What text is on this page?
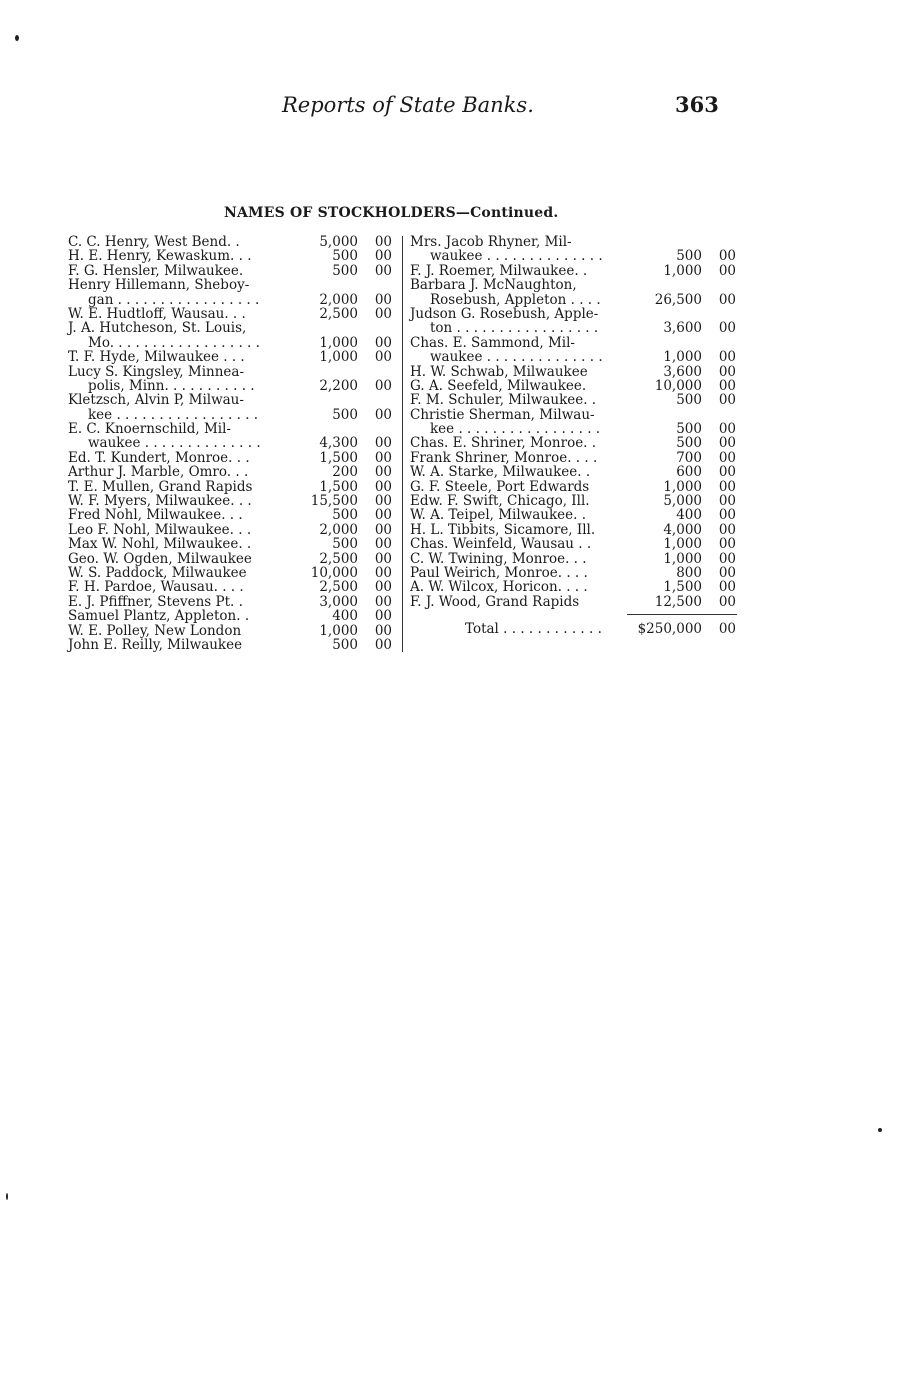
Reports of State Banks.	363
NAMES OF STOCKHOLDERS—Continued.
C. C. Henry, West Bend. .	5,000 00
H. E. Henry, Kewaskum. . .	500 00
F. G. Hensler, Milwaukee.	500 00
Henry Hillemann, Sheboy-
gan . . . . . . . . . . . . . . . . .	2,000 00
W. E. Hudtloff, Wausau. . .	2,500 00
J. A. Hutcheson, St. Louis,
Mo. . . . . . . . . . . . . . . . . .	1,000 00
T. F. Hyde, Milwaukee . . .	1,000 00
Lucy S. Kingsley, Minnea-
polis, Minn. . . . . . . . . . .	2,200 00
Kletzsch, Alvin P, Milwau-
kee . . . . . . . . . . . . . . . . .	500 00
E. C. Knoernschild, Mil-
waukee . . . . . . . . . . . . . .	4,300 00
Ed. T. Kundert, Monroe. . .	1,500 00
Arthur J. Marble, Omro. . .	200 00
T. E. Mullen, Grand Rapids	1,500 00
W. F. Myers, Milwaukee. . .	15,500 00
Fred Nohl, Milwaukee. . .	500 00
Leo F. Nohl, Milwaukee. . .	2,000 00
Max W. Nohl, Milwaukee. .	500 00
Geo. W. Ogden, Milwaukee	2,500 00
W. S. Paddock, Milwaukee	10,000 00
F. H. Pardoe, Wausau. . . .	2,500 00
E. J. Pfiffner, Stevens Pt. .	3,000 00
Samuel Plantz, Appleton. .	400 00
W. E. Polley, New London	1,000 00
John E. Reilly, Milwaukee	500 00
Mrs. Jacob Rhyner, Mil-
waukee . . . . . . . . . . . . . .	500 00
F. J. Roemer, Milwaukee. .	1,000 00
Barbara J. McNaughton,
Rosebush, Appleton . . . .	26,500 00
Judson G. Rosebush, Apple-
ton . . . . . . . . . . . . . . . . .	3,600 00
Chas. E. Sammond, Mil-
waukee . . . . . . . . . . . . . .	1,000 00
H. W. Schwab, Milwaukee	3,600 00
G. A. Seefeld, Milwaukee.	10,000 00
F. M. Schuler, Milwaukee. .	500 00
Christie Sherman, Milwau-
kee . . . . . . . . . . . . . . . . .	500 00
Chas. E. Shriner, Monroe. .	500 00
Frank Shriner, Monroe. . . .	700 00
W. A. Starke, Milwaukee. .	600 00
G. F. Steele, Port Edwards	1,000 00
Edw. F. Swift, Chicago, Ill.	5,000 00
W. A. Teipel, Milwaukee. .	400 00
H. L. Tibbits, Sicamore, Ill.	4,000 00
Chas. Weinfeld, Wausau . .	1,000 00
C. W. Twining, Monroe. . .	1,000 00
Paul Weirich, Monroe. . . .	800 00
A. W. Wilcox, Horicon. . . .	1,500 00
F. J. Wood, Grand Rapids	12,500 00
Total . . . . . . . . . . . .	$250,000 00
